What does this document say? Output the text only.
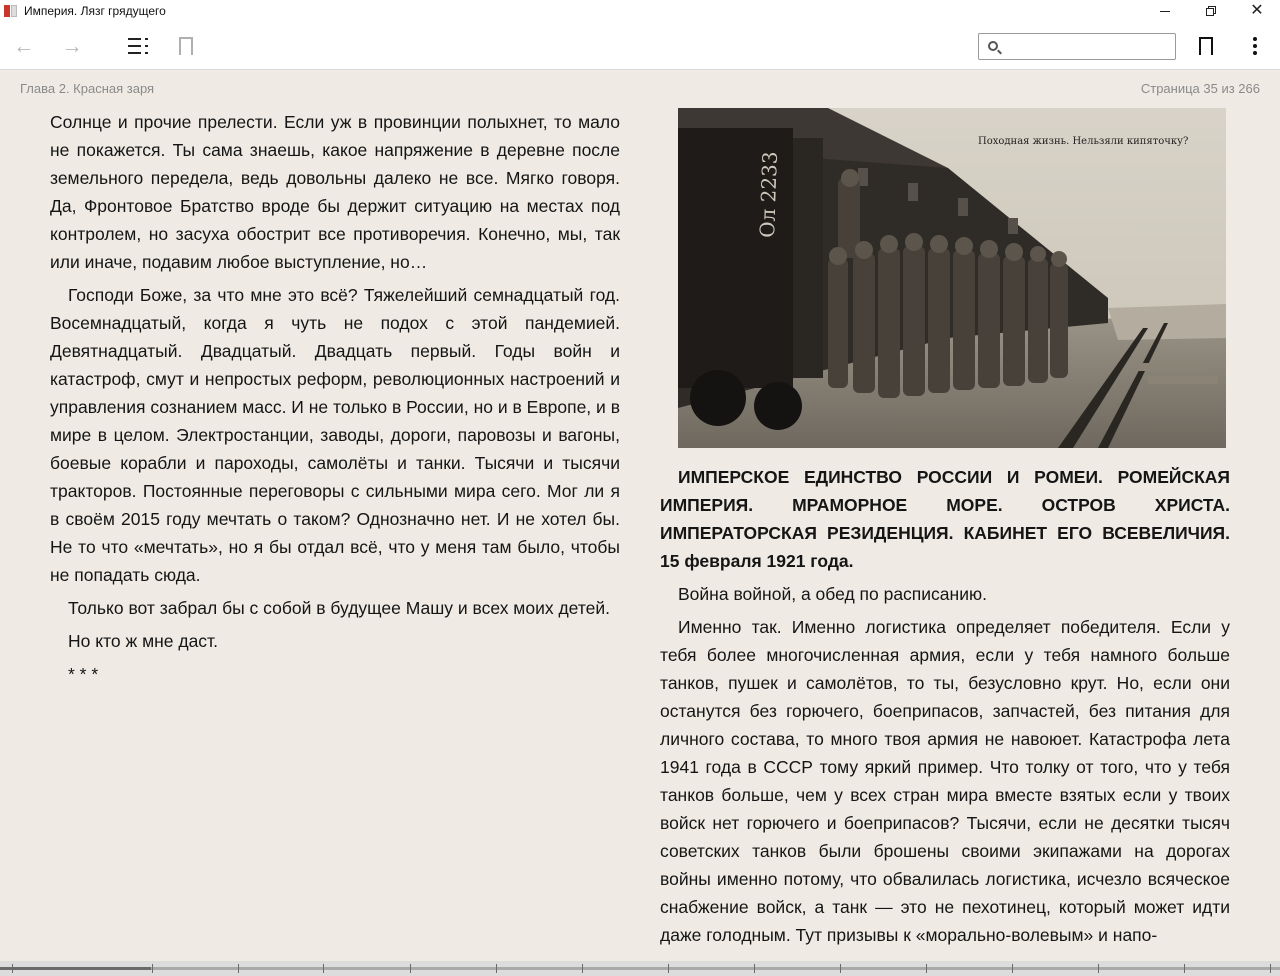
Империя. Лязг грядущего	✕
← →
Глава 2. Красная заря	Страница 35 из 266

Солнце и прочие прелести. Если уж в провинции полыхнет, то мало не покажется. Ты сама знаешь, какое напряжение в деревне после земельного передела, ведь довольны далеко не все. Мягко говоря. Да, Фронтовое Братство вроде бы держит ситуацию на местах под контролем, но засуха обострит все противоречия. Конечно, мы, так или иначе, подавим любое выступление, но…

Господи Боже, за что мне это всё? Тяжелейший семнадцатый год. Восемнадцатый, когда я чуть не подох с этой пандемией. Девятнадцатый. Двадцатый. Двадцать первый. Годы войн и катастроф, смут и непростых реформ, революционных настроений и управления сознанием масс. И не только в России, но и в Европе, и в мире в целом. Электростанции, заводы, дороги, паровозы и вагоны, боевые корабли и пароходы, самолёты и танки. Тысячи и тысячи тракторов. Постоянные переговоры с сильными мира сего. Мог ли я в своём 2015 году мечтать о таком? Однозначно нет. И не хотел бы. Не то что «мечтать», но я бы отдал всё, что у меня там было, чтобы не попадать сюда.

Только вот забрал бы с собой в будущее Машу и всех моих детей.

Но кто ж мне даст.

* * *

Ол 2233
Походная жизнь. Нельзяли кипяточку?

ИМПЕРСКОЕ ЕДИНСТВО РОССИИ И РОМЕИ. РОМЕЙСКАЯ ИМПЕРИЯ. МРАМОРНОЕ МОРЕ. ОСТРОВ ХРИСТА. ИМПЕРАТОРСКАЯ РЕЗИДЕНЦИЯ. КАБИНЕТ ЕГО ВСЕВЕЛИЧИЯ. 15 февраля 1921 года.

Война войной, а обед по расписанию.

Именно так. Именно логистика определяет победителя. Если у тебя более многочисленная армия, если у тебя намного больше танков, пушек и самолётов, то ты, безусловно крут. Но, если они останутся без горючего, боеприпасов, запчастей, без питания для личного состава, то много твоя армия не навоюет. Катастрофа лета 1941 года в СССР тому яркий пример. Что толку от того, что у тебя танков больше, чем у всех стран мира вместе взятых если у твоих войск нет горючего и боеприпасов? Тысячи, если не десятки тысяч советских танков были брошены своими экипажами на дорогах войны именно потому, что обвалилась логистика, исчезло всяческое снабжение войск, а танк — это не пехотинец, который может идти даже голодным. Тут призывы к «морально-волевым» и напо-
